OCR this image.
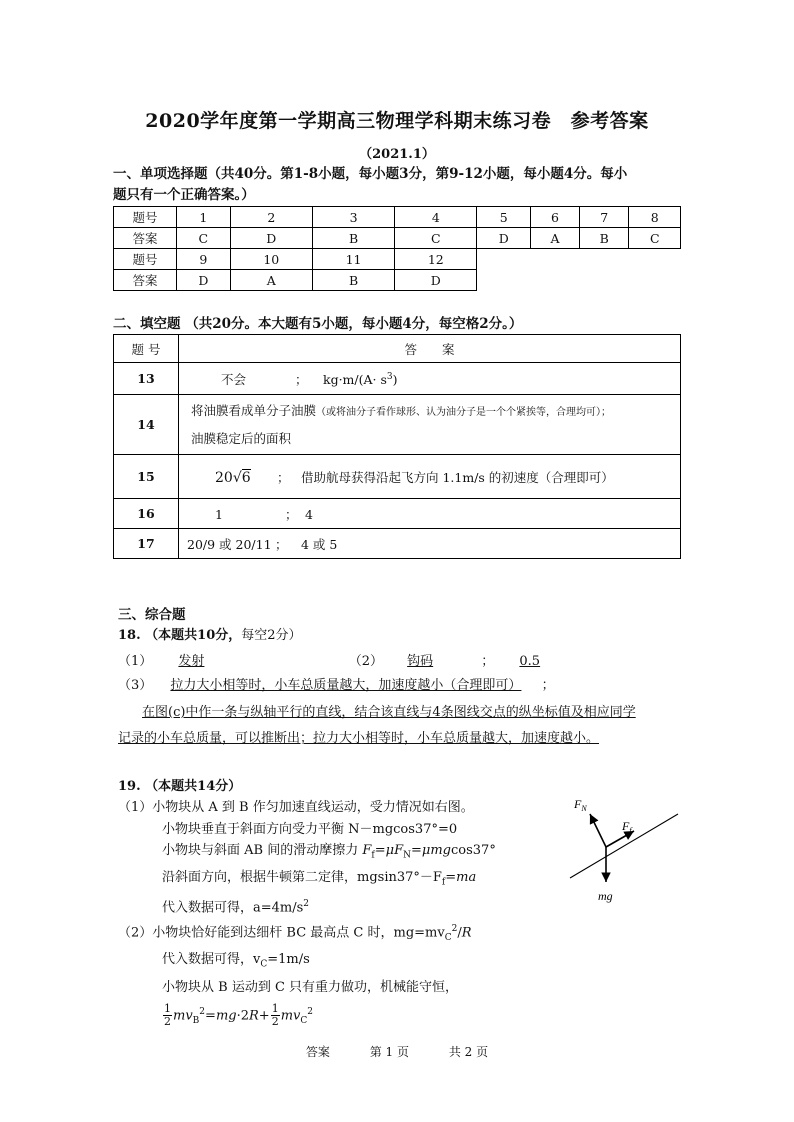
2020学年度第一学期高三物理学科期末练习卷　参考答案
（2021.1）
一、单项选择题（共40分。第1-8小题，每小题3分，第9-12小题，每小题4分。每小
题只有一个正确答案。）
题号	1	2	3	4	5	6	7	8
答案	C	D	B	C	D	A	B	C
题号	9	10	11	12				
答案	D	A	B	D				
二、填空题 （共20分。本大题有5小题，每小题4分，每空格2分。）
题 号	答　　案
13	不会 ； $kg\cdot m/(A\cdot s^3)$
14	将油膜看成单分子油膜（或将油分子看作球形、认为油分子是一个个紧挨等，合理均可）；
油膜稳定后的面积

15	20√6 ； 借助航母获得沿起飞方向 1.1m/s 的初速度（合理即可）
16	1 ； 4
17	20/9 或 20/11 ； 4 或 5
三、综合题
18. （本题共10分，每空2分）
（1） 发射	（2） 钩码	； 0.5
（3） 拉力大小相等时，小车总质量越大，加速度越小（合理即可） ；
在图(c)中作一条与纵轴平行的直线，结合该直线与4条图线交点的纵坐标值及相应同学
记录的小车总质量，可以推断出；拉力大小相等时，小车总质量越大，加速度越小。
19. （本题共14分）
（1）小物块从 A 到 B 作匀加速直线运动，受力情况如右图。
小物块垂直于斜面方向受力平衡 N－mgcos37°=0
小物块与斜面 AB 间的滑动摩擦力 $F_f=\mu F_N=\mu mgcos37^\circ$
沿斜面方向，根据牛顿第二定律，$mgsin37^\circ-F_f=ma$
代入数据可得，$a=4m/s^2$
（2）小物块恰好能到达细杆 BC 最高点 C 时，$mg=mv_C^2/R$
代入数据可得，$v_C=1m/s$
小物块从 B 运动到 C 只有重力做功，机械能守恒，
$\frac{1}{2} mv_B^2=mg\cdot 2R+ \frac{1}{2} mv_C^2$
$F_N$
$F_f$
mg
答案	第 1 页	共 2 页
